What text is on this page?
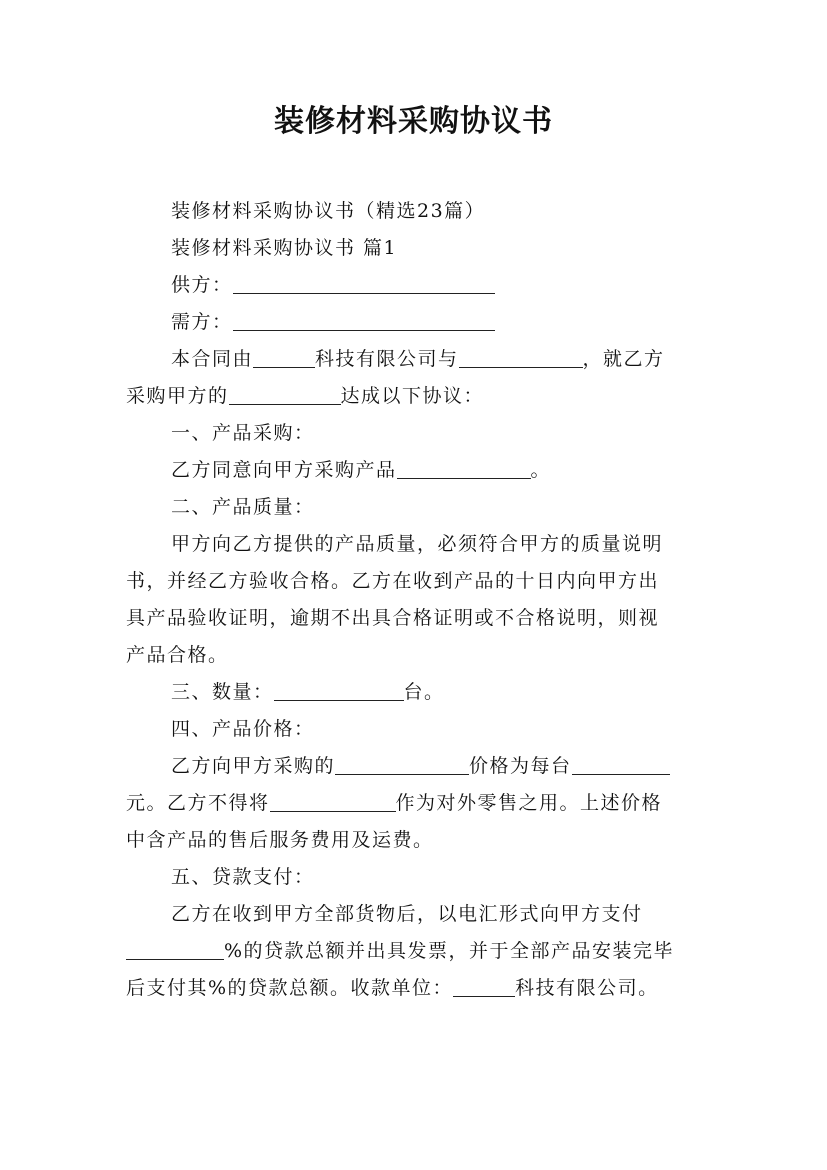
装修材料采购协议书
装修材料采购协议书（精选23篇）
装修材料采购协议书 篇1
供方：
需方：
本合同由	科技有限公司与	，就乙方
采购甲方的	达成以下协议：
一、产品采购：
乙方同意向甲方采购产品	。
二、产品质量：
甲方向乙方提供的产品质量，必须符合甲方的质量说明
书，并经乙方验收合格。乙方在收到产品的十日内向甲方出
具产品验收证明，逾期不出具合格证明或不合格说明，则视
产品合格。
三、数量：	台。
四、产品价格：
乙方向甲方采购的	价格为每台
元。乙方不得将	作为对外零售之用。上述价格
中含产品的售后服务费用及运费。
五、贷款支付：
乙方在收到甲方全部货物后，以电汇形式向甲方支付
%的贷款总额并出具发票，并于全部产品安装完毕
后支付其%的贷款总额。收款单位：	科技有限公司。
